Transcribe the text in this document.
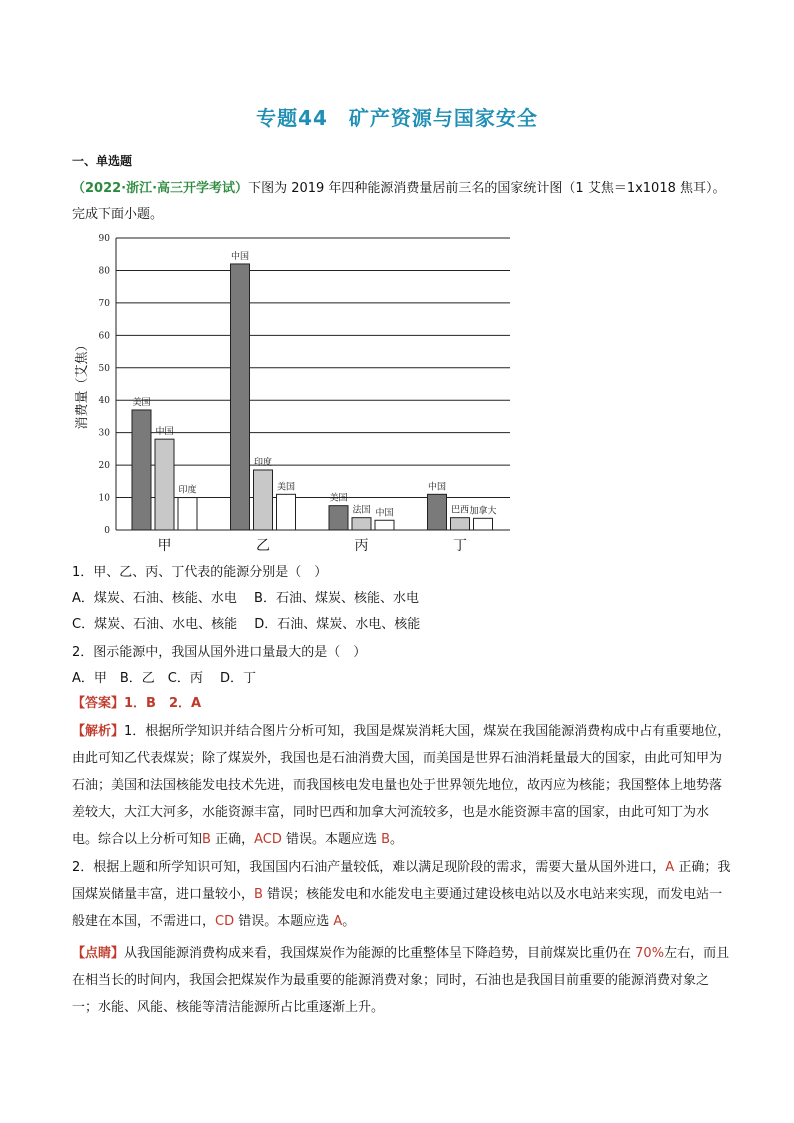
专题44　矿产资源与国家安全
一、单选题
（2022·浙江·高三开学考试）下图为 2019 年四种能源消费量居前三名的国家统计图（1 艾焦＝1x1018 焦耳）。
完成下面小题。
0
10
20
30
40
50
60
70
80
90
消费量（艾焦）	美国
中国
印度
甲
中国
印度
美国
乙
美国
法国 中国
丙
中国
巴西 加拿大
丁
1．甲、乙、丙、丁代表的能源分别是（　）
A．煤炭、石油、核能、水电　 B．石油、煤炭、核能、水电
C．煤炭、石油、水电、核能　 D．石油、煤炭、水电、核能
2．图示能源中，我国从国外进口量最大的是（　）
A．甲　B．乙　C．丙　 D．丁
【答案】1．B　2．A
【解析】1．根据所学知识并结合图片分析可知，我国是煤炭消耗大国，煤炭在我国能源消费构成中占有重要地位，由此可知乙代表煤炭；除了煤炭外，我国也是石油消费大国，而美国是世界石油消耗量最大的国家，由此可知甲为石油；美国和法国核能发电技术先进，而我国核电发电量也处于世界领先地位，故丙应为核能；我国整体上地势落差较大，大江大河多，水能资源丰富，同时巴西和加拿大河流较多，也是水能资源丰富的国家，由此可知丁为水电。综合以上分析可知B 正确，ACD 错误。本题应选 B。
2．根据上题和所学知识可知，我国国内石油产量较低，难以满足现阶段的需求，需要大量从国外进口，A 正确；我国煤炭储量丰富，进口量较小，B 错误；核能发电和水能发电主要通过建设核电站以及水电站来实现，而发电站一般建在本国，不需进口，CD 错误。本题应选 A。
【点睛】从我国能源消费构成来看，我国煤炭作为能源的比重整体呈下降趋势，目前煤炭比重仍在 70%左右，而且在相当长的时间内，我国会把煤炭作为最重要的能源消费对象；同时，石油也是我国目前重要的能源消费对象之一；水能、风能、核能等清洁能源所占比重逐渐上升。
